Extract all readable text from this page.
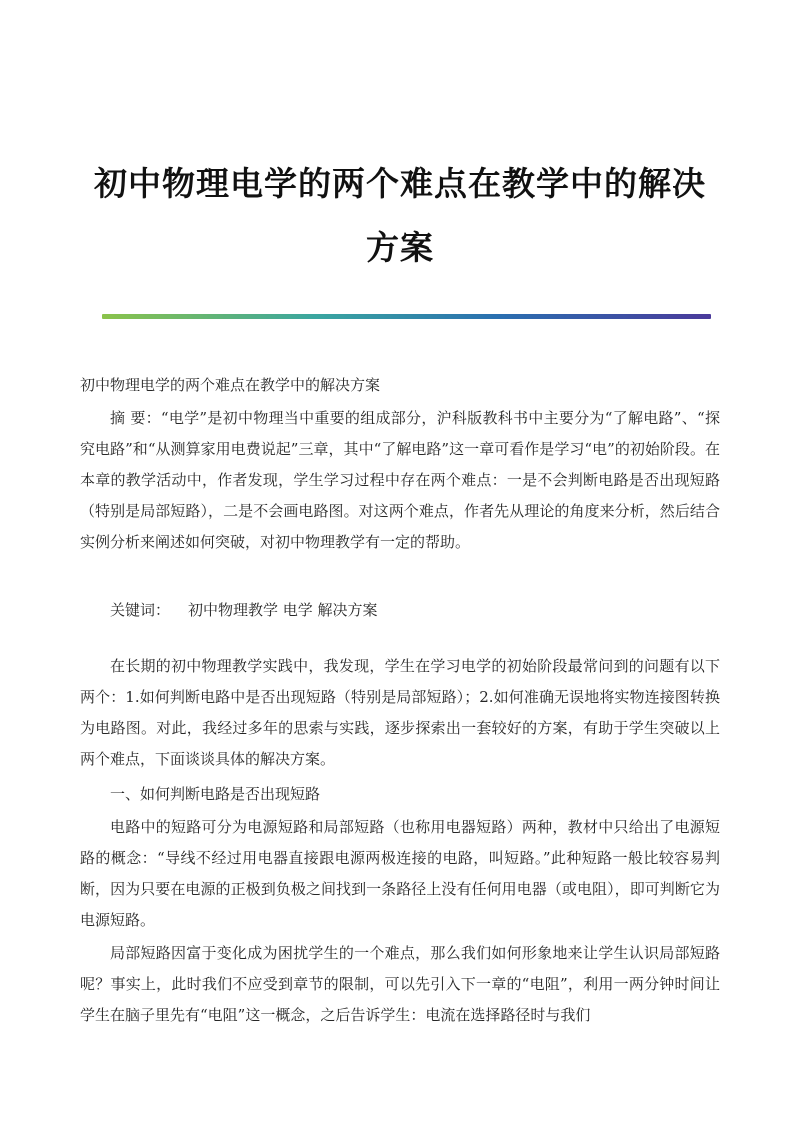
初中物理电学的两个难点在教学中的解决方案
初中物理电学的两个难点在教学中的解决方案
摘 要：“电学”是初中物理当中重要的组成部分，沪科版教科书中主要分为“了解电路”、“探究电路”和“从测算家用电费说起”三章，其中“了解电路”这一章可看作是学习“电”的初始阶段。在本章的教学活动中，作者发现，学生学习过程中存在两个难点：一是不会判断电路是否出现短路（特别是局部短路），二是不会画电路图。对这两个难点，作者先从理论的角度来分析，然后结合实例分析来阐述如何突破，对初中物理教学有一定的帮助。
关键词： 初中物理教学 电学 解决方案
在长期的初中物理教学实践中，我发现，学生在学习电学的初始阶段最常问到的问题有以下两个：1.如何判断电路中是否出现短路（特别是局部短路）；2.如何准确无误地将实物连接图转换为电路图。对此，我经过多年的思索与实践，逐步探索出一套较好的方案，有助于学生突破以上两个难点，下面谈谈具体的解决方案。
一、如何判断电路是否出现短路
电路中的短路可分为电源短路和局部短路（也称用电器短路）两种，教材中只给出了电源短路的概念：“导线不经过用电器直接跟电源两极连接的电路，叫短路。”此种短路一般比较容易判断，因为只要在电源的正极到负极之间找到一条路径上没有任何用电器（或电阻），即可判断它为电源短路。
局部短路因富于变化成为困扰学生的一个难点，那么我们如何形象地来让学生认识局部短路呢？事实上，此时我们不应受到章节的限制，可以先引入下一章的“电阻”，利用一两分钟时间让学生在脑子里先有“电阻”这一概念，之后告诉学生：电流在选择路径时与我们
